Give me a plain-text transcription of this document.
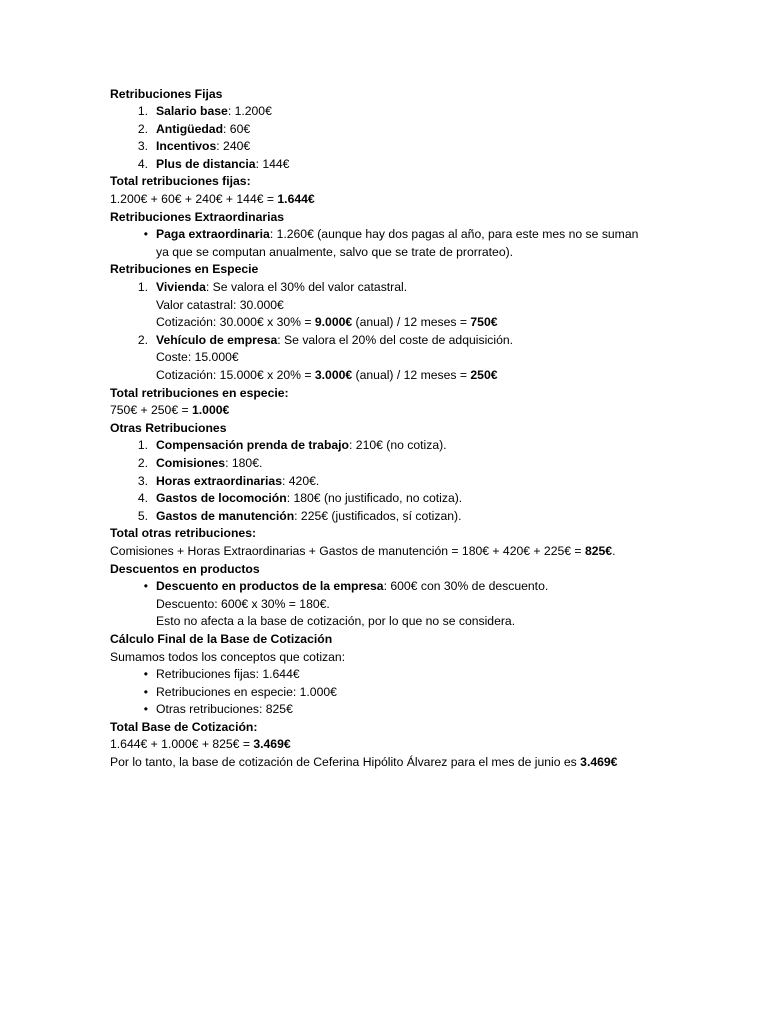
Retribuciones Fijas
1. Salario base: 1.200€
2. Antigüedad: 60€
3. Incentivos: 240€
4. Plus de distancia: 144€
Total retribuciones fijas:
1.200€ + 60€ + 240€ + 144€ = 1.644€
Retribuciones Extraordinarias
• Paga extraordinaria: 1.260€ (aunque hay dos pagas al año, para este mes no se suman
ya que se computan anualmente, salvo que se trate de prorrateo).
Retribuciones en Especie
1. Vivienda: Se valora el 30% del valor catastral.
Valor catastral: 30.000€
Cotización: 30.000€ x 30% = 9.000€ (anual) / 12 meses = 750€
2. Vehículo de empresa: Se valora el 20% del coste de adquisición.
Coste: 15.000€
Cotización: 15.000€ x 20% = 3.000€ (anual) / 12 meses = 250€
Total retribuciones en especie:
750€ + 250€ = 1.000€
Otras Retribuciones
1. Compensación prenda de trabajo: 210€ (no cotiza).
2. Comisiones: 180€.
3. Horas extraordinarias: 420€.
4. Gastos de locomoción: 180€ (no justificado, no cotiza).
5. Gastos de manutención: 225€ (justificados, sí cotizan).
Total otras retribuciones:
Comisiones + Horas Extraordinarias + Gastos de manutención = 180€ + 420€ + 225€ = 825€.
Descuentos en productos
• Descuento en productos de la empresa: 600€ con 30% de descuento.
Descuento: 600€ x 30% = 180€.
Esto no afecta a la base de cotización, por lo que no se considera.
Cálculo Final de la Base de Cotización
Sumamos todos los conceptos que cotizan:
• Retribuciones fijas: 1.644€
• Retribuciones en especie: 1.000€
• Otras retribuciones: 825€
Total Base de Cotización:
1.644€ + 1.000€ + 825€ = 3.469€
Por lo tanto, la base de cotización de Ceferina Hipólito Álvarez para el mes de junio es 3.469€
